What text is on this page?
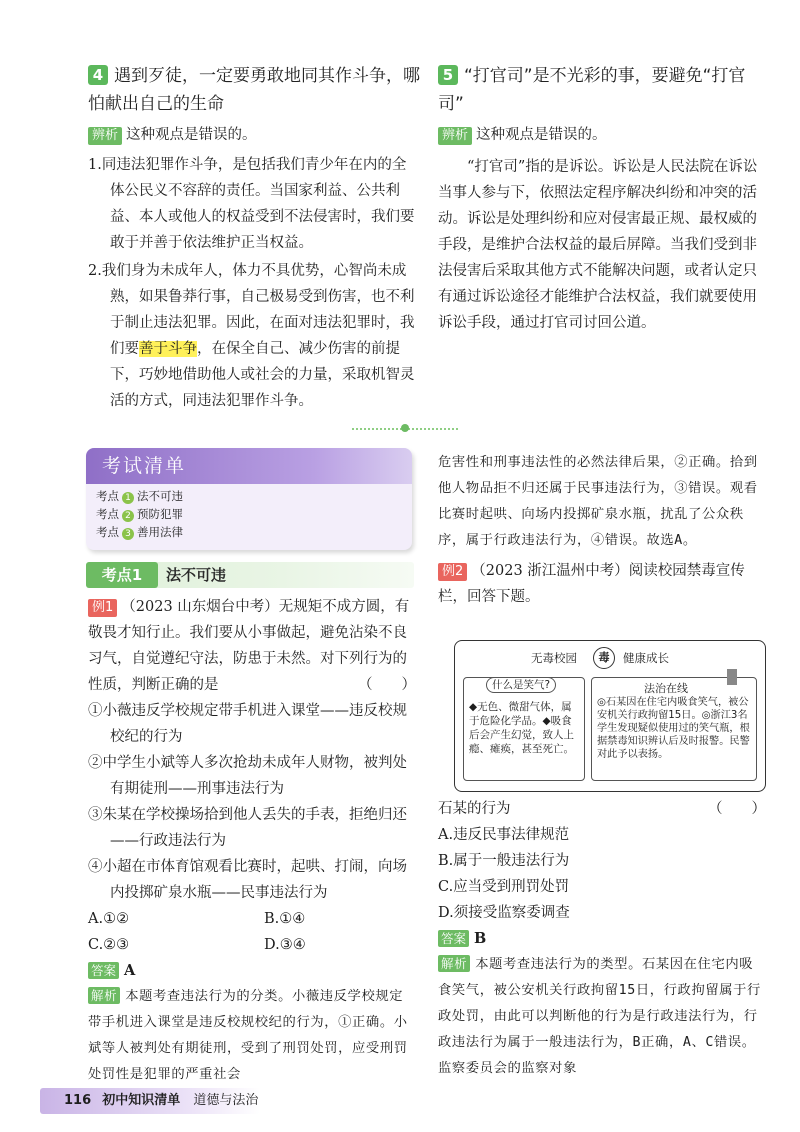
4 遇到歹徒，一定要勇敢地同其作斗争，哪怕献出自己的生命
辨析 这种观点是错误的。

1.同违法犯罪作斗争，是包括我们青少年在内的全体公民义不容辞的责任。当国家利益、公共利益、本人或他人的权益受到不法侵害时，我们要敢于并善于依法维护正当权益。

2.我们身为未成年人，体力不具优势，心智尚未成熟，如果鲁莽行事，自己极易受到伤害，也不利于制止违法犯罪。因此，在面对违法犯罪时，我们要善于斗争，在保全自己、减少伤害的前提下，巧妙地借助他人或社会的力量，采取机智灵活的方式，同违法犯罪作斗争。

5 “打官司”是不光彩的事，要避免“打官司”
辨析 这种观点是错误的。

“打官司”指的是诉讼。诉讼是人民法院在诉讼当事人参与下，依照法定程序解决纠纷和冲突的活动。诉讼是处理纠纷和应对侵害最正规、最权威的手段，是维护合法权益的最后屏障。当我们受到非法侵害后采取其他方式不能解决问题，或者认定只有通过诉讼途径才能维护合法权益，我们就要使用诉讼手段，通过打官司讨回公道。

考试清单
考点 1 法不可违
考点 2 预防犯罪
考点 3 善用法律
考点1	法不可违

例1 （2023 山东烟台中考）无规矩不成方圆，有敬畏才知行止。我们要从小事做起，避免沾染不良习气，自觉遵纪守法，防患于未然。对下列行为的性质，判断正确的是	（　　）

①小薇违反学校规定带手机进入课堂——违反校规校纪的行为

②中学生小斌等人多次抢劫未成年人财物，被判处有期徒刑——刑事违法行为

③朱某在学校操场拾到他人丢失的手表，拒绝归还——行政违法行为

④小超在市体育馆观看比赛时，起哄、打闹，向场内投掷矿泉水瓶——民事违法行为

A.①②	B.①④
C.②③	D.③④
答案 A

解析 本题考查违法行为的分类。小薇违反学校规定带手机进入课堂是违反校规校纪的行为，①正确。小斌等人被判处有期徒刑，受到了刑罚处罚，应受刑罚处罚性是犯罪的严重社会

危害性和刑事违法性的必然法律后果，②正确。拾到他人物品拒不归还属于民事违法行为，③错误。观看比赛时起哄、向场内投掷矿泉水瓶，扰乱了公众秩序，属于行政违法行为，④错误。故选A。

例2 （2023 浙江温州中考）阅读校园禁毒宣传栏，回答下题。

无毒校园	毒	健康成长
什么是笑气?
◆无色、微甜气体，属于危险化学品。◆吸食后会产生幻觉，致人上瘾、瘫痪，甚至死亡。
法治在线
◎石某因在住宅内吸食笑气，被公安机关行政拘留15日。◎浙江3名学生发现疑似使用过的笑气瓶，根据禁毒知识辨认后及时报警。民警对此予以表扬。
石某的行为	（　　）

A.违反民事法律规范

B.属于一般违法行为

C.应当受到刑罚处罚

D.须接受监察委调查

答案 B

解析 本题考查违法行为的类型。石某因在住宅内吸食笑气，被公安机关行政拘留15日，行政拘留属于行政处罚，由此可以判断他的行为是行政违法行为，行政违法行为属于一般违法行为，B正确，A、C错误。监察委员会的监察对象

116 初中知识清单 道德与法治
